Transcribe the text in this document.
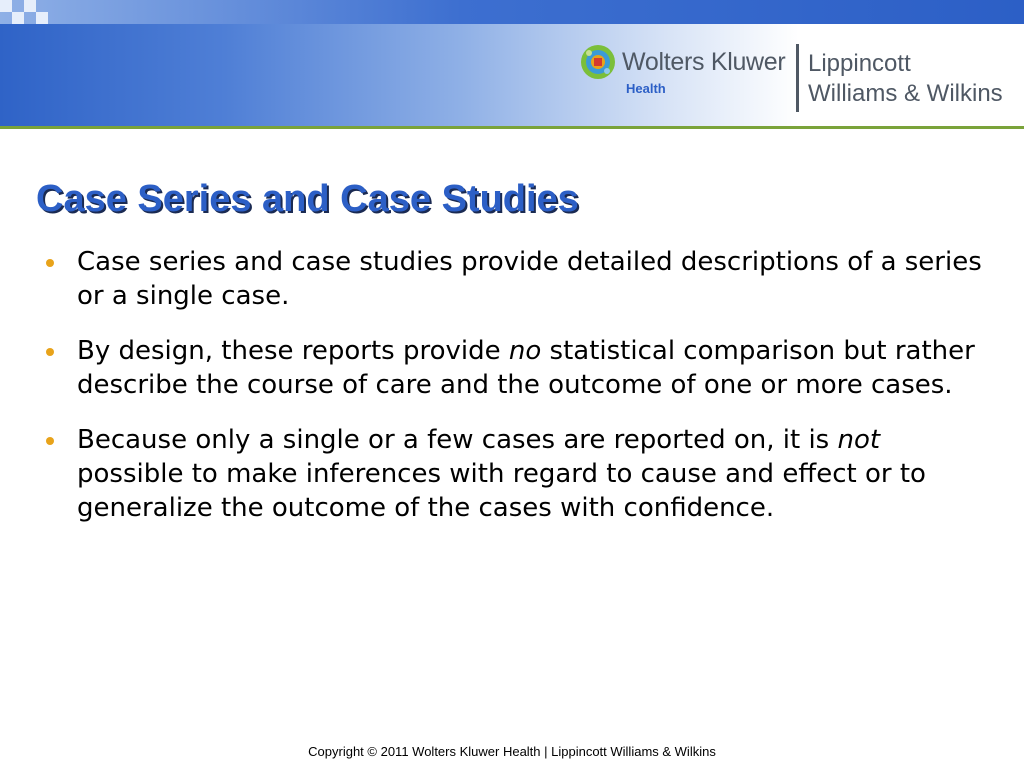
Wolters Kluwer
Health
Lippincott
Williams & Wilkins
Case Series and Case Studies
Case series and case studies provide detailed descriptions of a series or a single case.
By design, these reports provide no statistical comparison but rather describe the course of care and the outcome of one or more cases.
Because only a single or a few cases are reported on, it is not possible to make inferences with regard to cause and effect or to generalize the outcome of the cases with confidence.
Copyright © 2011 Wolters Kluwer Health | Lippincott Williams & Wilkins
